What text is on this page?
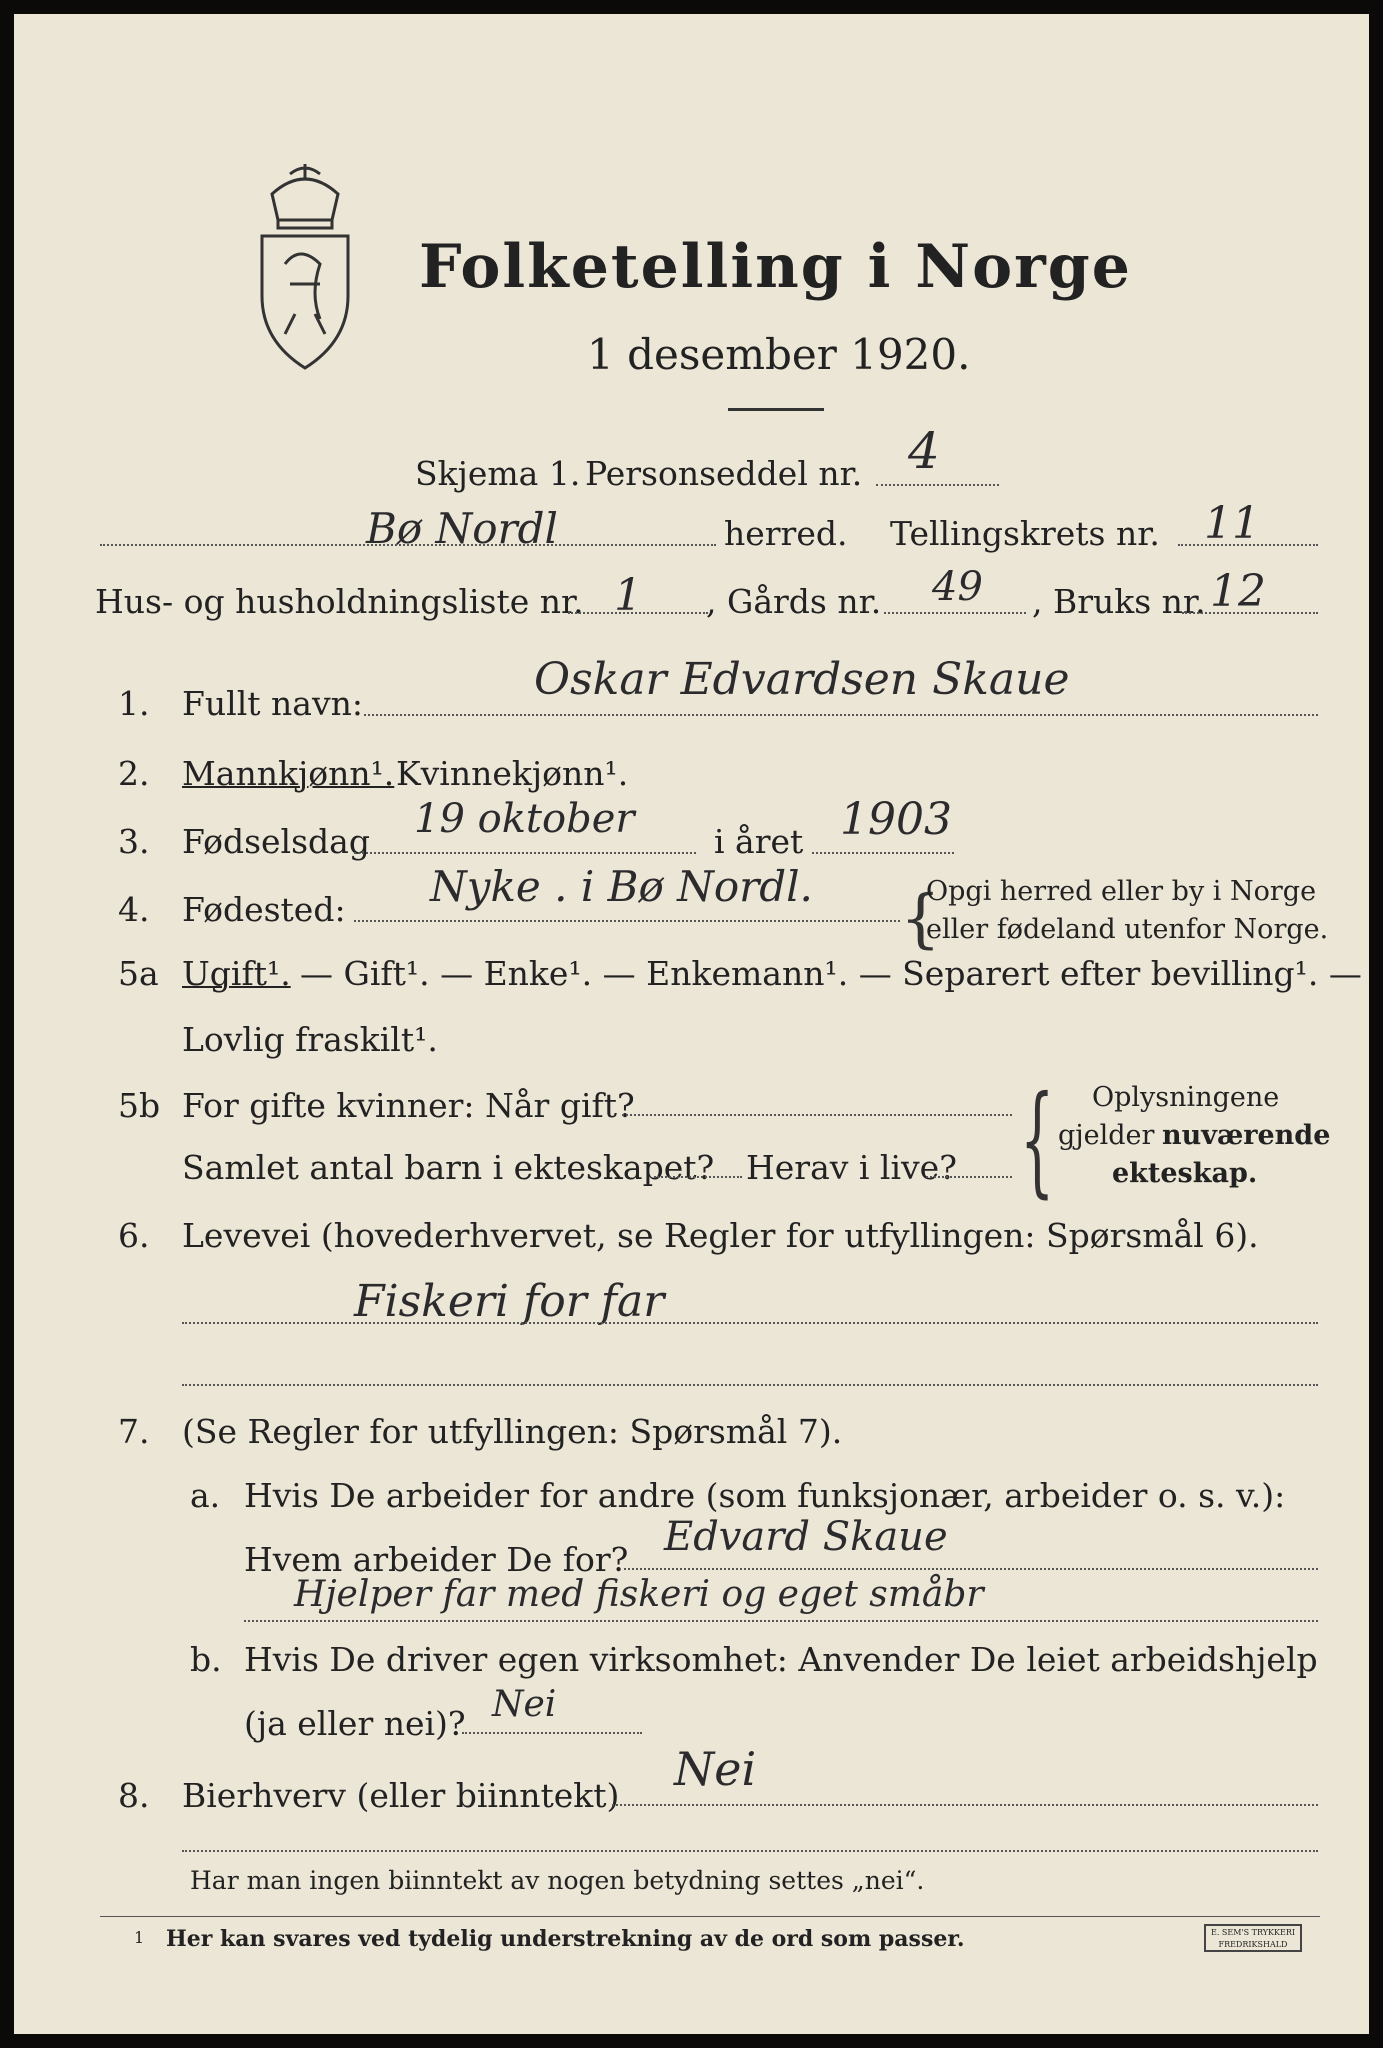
Folketelling i Norge
1 desember 1920.
Skjema 1. Personseddel nr. 4
Bø Nordl	herred. Tellingskrets nr. 11
Hus- og husholdningsliste nr. 1 , Gårds nr. 49 , Bruks nr. 12
1. Fullt navn:	Oskar Edvardsen Skaue
2. Mannkjønn¹. Kvinnekjønn¹.
3. Fødselsdag 19 oktober i året 1903
4. Fødested: Nyke . i Bø Nordl. {
Opgi herred eller by i Norge
eller fødeland utenfor Norge.
5a Ugift¹. — Gift¹. — Enke¹. — Enkemann¹. — Separert efter bevilling¹. —
Lovlig fraskilt¹.
5b For gifte kvinner: Når gift?
Samlet antal barn i ekteskapet? Herav i live? { Oplysningene
gjelder nuværende
ekteskap.
6. Levevei (hovederhvervet, se Regler for utfyllingen: Spørsmål 6).
Fiskeri for far
7. (Se Regler for utfyllingen: Spørsmål 7).
a. Hvis De arbeider for andre (som funksjonær, arbeider o. s. v.):
Hvem arbeider De for? Edvard Skaue
Hjelper far med fiskeri og eget småbr
b. Hvis De driver egen virksomhet: Anvender De leiet arbeidshjelp
(ja eller nei)? Nei
8. Bierhverv (eller biinntekt) Nei
Har man ingen biinntekt av nogen betydning settes „nei“.
1 Her kan svares ved tydelig understrekning av de ord som passer.	E. SEM'S TRYKKERI
FREDRIKSHALD
